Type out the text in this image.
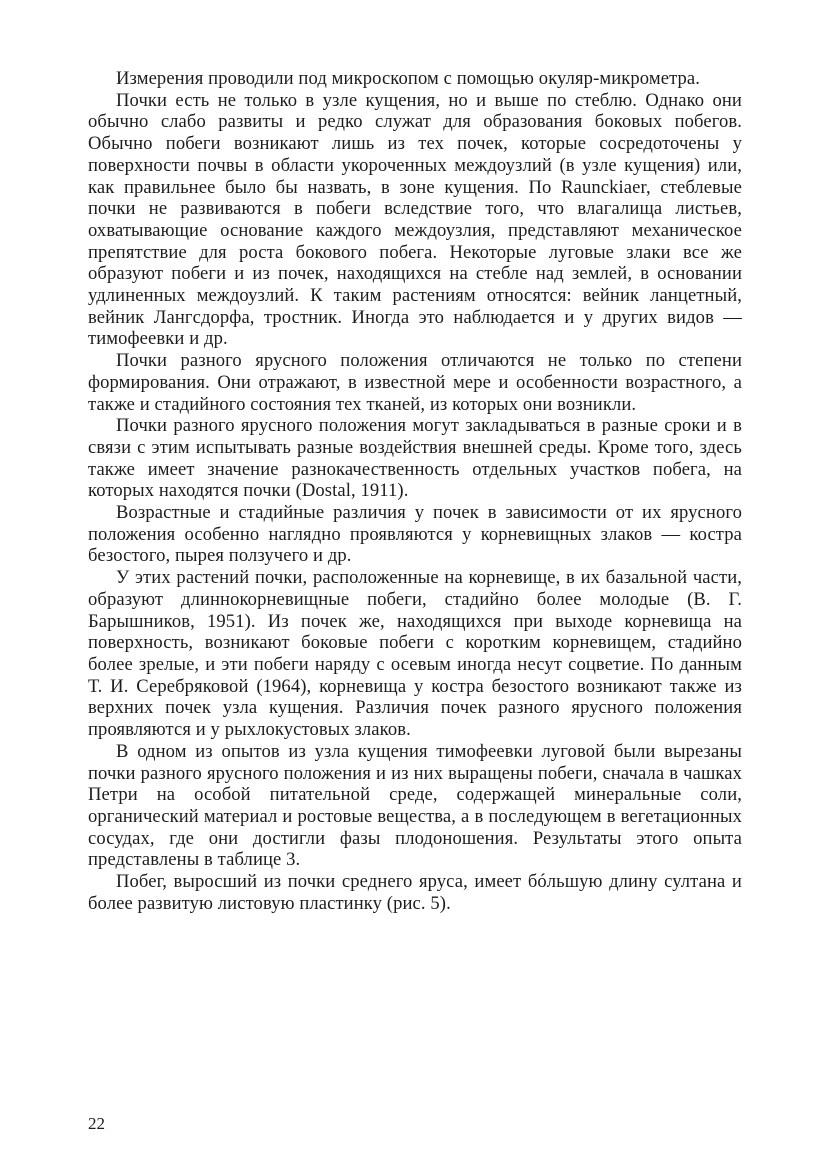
Измерения проводили под микроскопом с помощью окуляр-микрометра.

Почки есть не только в узле кущения, но и выше по стеблю. Однако они обычно слабо развиты и редко служат для образования боковых побегов. Обычно побеги возникают лишь из тех почек, которые сосредоточены у поверхности почвы в области укороченных междоузлий (в узле кущения) или, как правильнее было бы назвать, в зоне кущения. По Raunckiaer, стеблевые почки не развиваются в побеги вследствие того, что влагалища листьев, охватывающие основание каждого междоузлия, представляют механическое препятствие для роста бокового побега. Некоторые луговые злаки все же образуют побеги и из почек, находящихся на стебле над землей, в основании удлиненных междоузлий. К таким растениям относятся: вейник ланцетный, вейник Лангсдорфа, тростник. Иногда это наблюдается и у других видов — тимофеевки и др.

Почки разного ярусного положения отличаются не только по степени формирования. Они отражают, в известной мере и особенности возрастного, а также и стадийного состояния тех тканей, из которых они возникли.

Почки разного ярусного положения могут закладываться в разные сроки и в связи с этим испытывать разные воздействия внешней среды. Кроме того, здесь также имеет значение разнокачественность отдельных участков побега, на которых находятся почки (Dostal, 1911).

Возрастные и стадийные различия у почек в зависимости от их ярусного положения особенно наглядно проявляются у корневищных злаков — костра безостого, пырея ползучего и др.

У этих растений почки, расположенные на корневище, в их базальной части, образуют длиннокорневищные побеги, стадийно более молодые (В. Г. Барышников, 1951). Из почек же, находящихся при выходе корневища на поверхность, возникают боковые побеги с коротким корневищем, стадийно более зрелые, и эти побеги наряду с осевым иногда несут соцветие. По данным Т. И. Серебряковой (1964), корневища у костра безостого возникают также из верхних почек узла кущения. Различия почек разного ярусного положения проявляются и у рыхлокустовых злаков.

В одном из опытов из узла кущения тимофеевки луговой были вырезаны почки разного ярусного положения и из них выращены побеги, сначала в чашках Петри на особой питательной среде, содержащей минеральные соли, органический материал и ростовые вещества, а в последующем в вегетационных сосудах, где они достигли фазы плодоношения. Результаты этого опыта представлены в таблице 3.

Побег, выросший из почки среднего яруса, имеет бóльшую длину султана и более развитую листовую пластинку (рис. 5).

22
